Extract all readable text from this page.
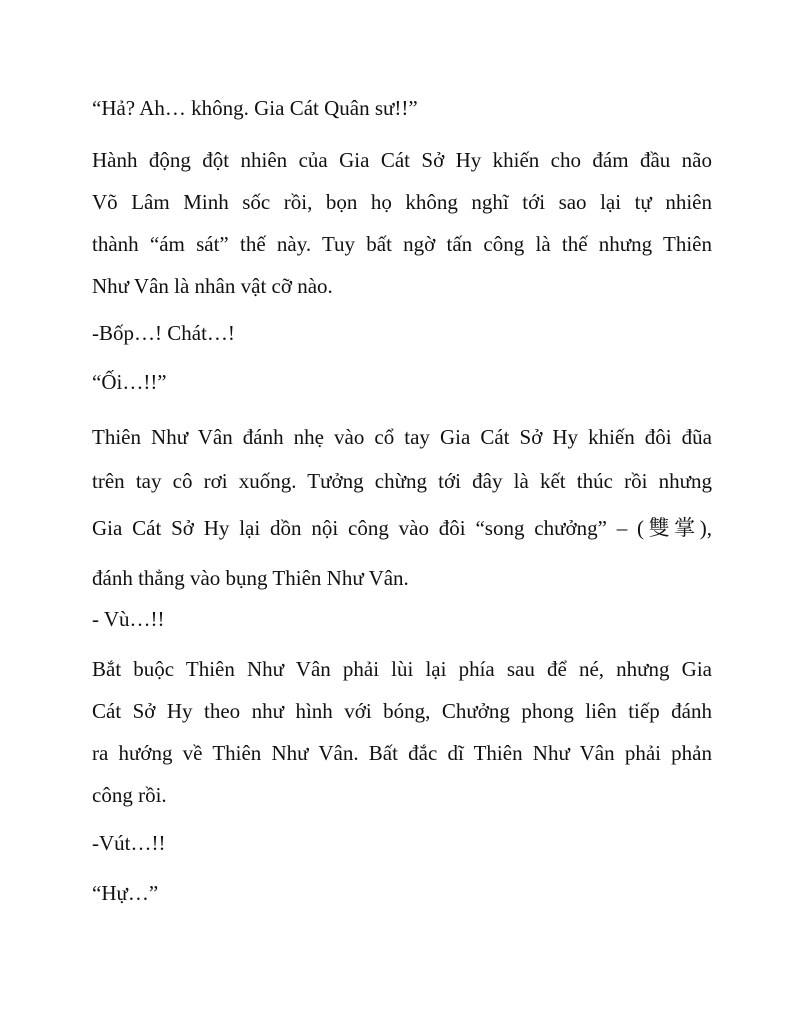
“Hả? Ah… không. Gia Cát Quân sư!!”

Hành động đột nhiên của Gia Cát Sở Hy khiến cho đám đầu não
Võ Lâm Minh sốc rồi, bọn họ không nghĩ tới sao lại tự nhiên
thành “ám sát” thế này. Tuy bất ngờ tấn công là thế nhưng Thiên
Như Vân là nhân vật cỡ nào.

-Bốp…! Chát…!

“Ối…!!”

Thiên Như Vân đánh nhẹ vào cổ tay Gia Cát Sở Hy khiến đôi đũa
trên tay cô rơi xuống. Tưởng chừng tới đây là kết thúc rồi nhưng
Gia Cát Sở Hy lại dồn nội công vào đôi “song chưởng” – (雙掌),
đánh thẳng vào bụng Thiên Như Vân.

- Vù…!!

Bắt buộc Thiên Như Vân phải lùi lại phía sau để né, nhưng Gia
Cát Sở Hy theo như hình với bóng, Chưởng phong liên tiếp đánh
ra hướng về Thiên Như Vân. Bất đắc dĩ Thiên Như Vân phải phản
công rồi.

-Vút…!!

“Hự…”
